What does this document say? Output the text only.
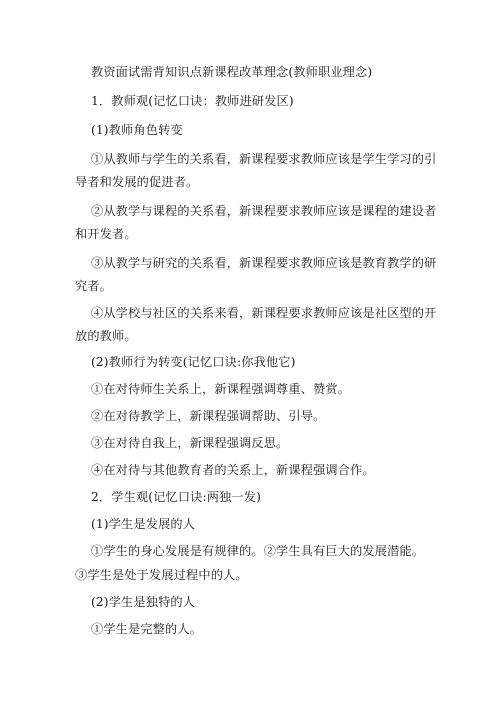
教资面试需背知识点新课程改革理念(教师职业理念)
1．教师观(记忆口诀：教师进研发区)
(1)教师角色转变
①从教师与学生的关系看，新课程要求教师应该是学生学习的引
导者和发展的促进者。
②从教学与课程的关系看，新课程要求教师应该是课程的建设者
和开发者。
③从教学与研究的关系看，新课程要求教师应该是教育教学的研
究者。
④从学校与社区的关系来看，新课程要求教师应该是社区型的开
放的教师。
(2)教师行为转变(记忆口诀:你我他它)
①在对待师生关系上，新课程强调尊重、赞赏。
②在对待教学上，新课程强调帮助、引导。
③在对待自我上，新课程强调反思。
④在对待与其他教育者的关系上，新课程强调合作。
2．学生观(记忆口诀:两独一发)
(1)学生是发展的人
①学生的身心发展是有规律的。②学生具有巨大的发展潜能。
③学生是处于发展过程中的人。
(2)学生是独特的人
①学生是完整的人。
